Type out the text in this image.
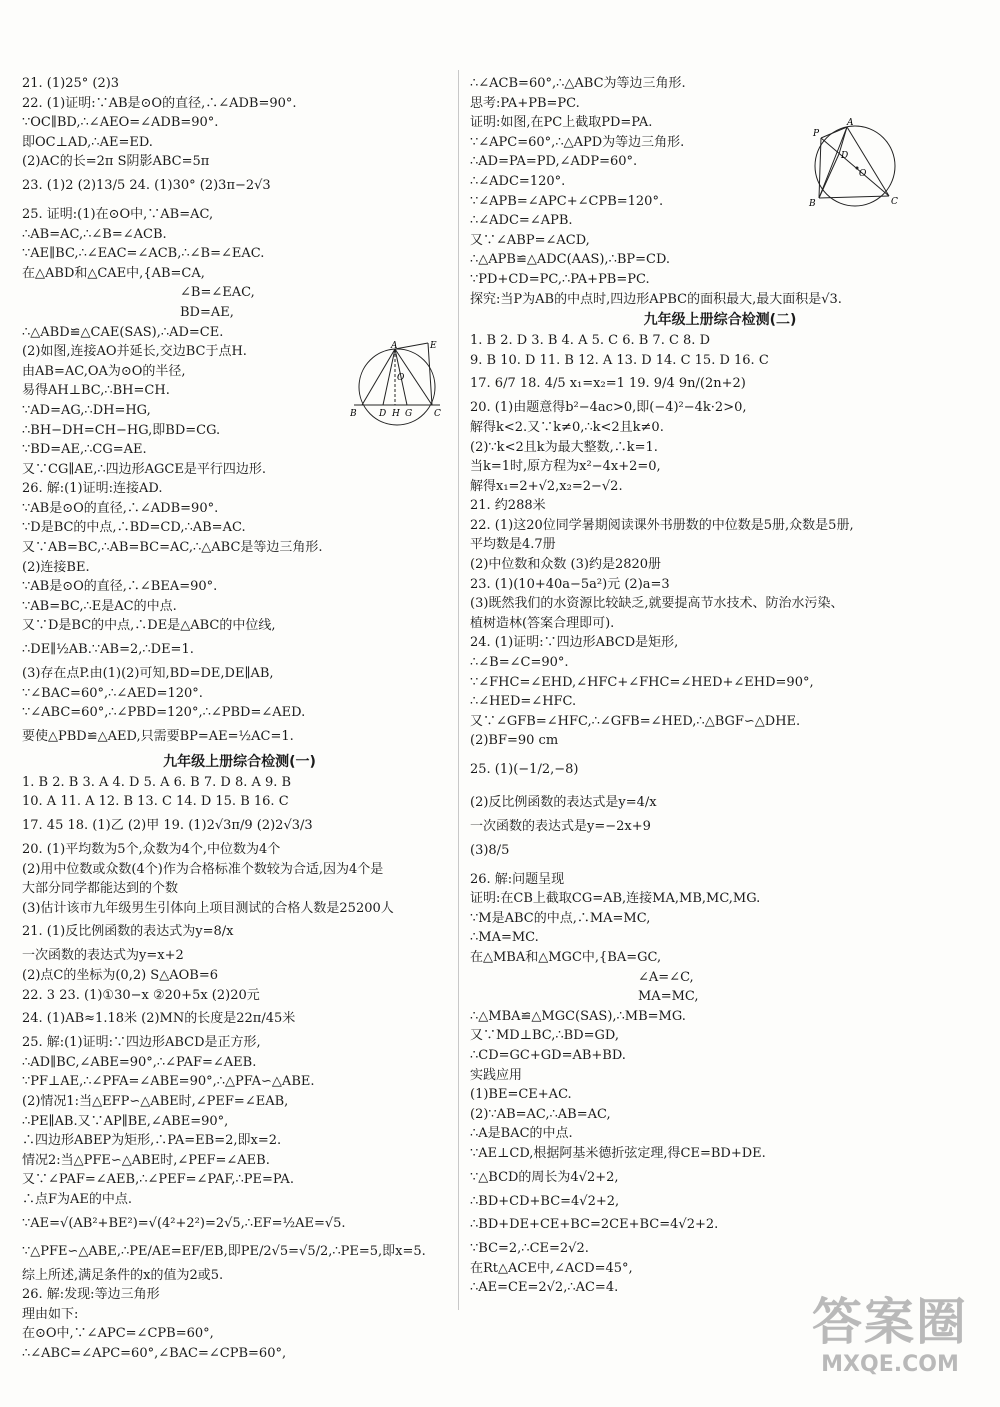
21. (1)25° (2)3
22. (1)证明:∵AB是⊙O的直径,∴∠ADB=90°.
∵OC∥BD,∴∠AEO=∠ADB=90°.
即OC⊥AD,∴AE=ED.
(2)AC的长=2π S阴影ABC=5π
23. (1)2 (2)13/5 24. (1)30° (2)3π−2√3
25. 证明:(1)在⊙O中,∵AB=AC,
∴AB=AC,∴∠B=∠ACB.
∵AE∥BC,∴∠EAC=∠ACB,∴∠B=∠EAC.
在△ABD和△CAE中,{AB=CA,
∠B=∠EAC,
BD=AE,
∴△ABD≌△CAE(SAS),∴AD=CE.
(2)如图,连接AO并延长,交边BC于点H.
由AB=AC,OA为⊙O的半径,
易得AH⊥BC,∴BH=CH.
∵AD=AG,∴DH=HG,
∴BH−DH=CH−HG,即BD=CG.
∵BD=AE,∴CG=AE.
又∵CG∥AE,∴四边形AGCE是平行四边形.
26. 解:(1)证明:连接AD.
∵AB是⊙O的直径,∴∠ADB=90°.
∵D是BC的中点,∴BD=CD,∴AB=AC.
又∵AB=BC,∴AB=BC=AC,∴△ABC是等边三角形.
(2)连接BE.
∵AB是⊙O的直径,∴∠BEA=90°.
∵AB=BC,∴E是AC的中点.
又∵D是BC的中点,∴DE是△ABC的中位线,
∴DE∥½AB.∵AB=2,∴DE=1.
(3)存在点P.由(1)(2)可知,BD=DE,DE∥AB,
∵∠BAC=60°,∴∠AED=120°.
∵∠ABC=60°,∴∠PBD=120°,∴∠PBD=∠AED.
要使△PBD≌△AED,只需要BP=AE=½AC=1.
九年级上册综合检测(一)
1. B 2. B 3. A 4. D 5. A 6. B 7. D 8. A 9. B
10. A 11. A 12. B 13. C 14. D 15. B 16. C
17. 45 18. (1)乙 (2)甲 19. (1)2√3π/9 (2)2√3/3
20. (1)平均数为5个,众数为4个,中位数为4个
(2)用中位数或众数(4个)作为合格标准个数较为合适,因为4个是
大部分同学都能达到的个数
(3)估计该市九年级男生引体向上项目测试的合格人数是25200人
21. (1)反比例函数的表达式为y=8/x
一次函数的表达式为y=x+2
(2)点C的坐标为(0,2) S△AOB=6
22. 3 23. (1)①30−x ②20+5x (2)20元
24. (1)AB≈1.18米 (2)MN的长度是22π/45米
25. 解:(1)证明:∵四边形ABCD是正方形,
∴AD∥BC,∠ABE=90°,∴∠PAF=∠AEB.
∵PF⊥AE,∴∠PFA=∠ABE=90°,∴△PFA∽△ABE.
(2)情况1:当△EFP∽△ABE时,∠PEF=∠EAB,
∴PE∥AB.又∵AP∥BE,∠ABE=90°,
∴四边形ABEP为矩形,∴PA=EB=2,即x=2.
情况2:当△PFE∽△ABE时,∠PEF=∠AEB.
又∵∠PAF=∠AEB,∴∠PEF=∠PAF,∴PE=PA.
∴点F为AE的中点.
∵AE=√(AB²+BE²)=√(4²+2²)=2√5,∴EF=½AE=√5.
∵△PFE∽△ABE,∴PE/AE=EF/EB,即PE/2√5=√5/2,∴PE=5,即x=5.
综上所述,满足条件的x的值为2或5.
26. 解:发现:等边三角形
理由如下:
在⊙O中,∵∠APC=∠CPB=60°,
∴∠ABC=∠APC=60°,∠BAC=∠CPB=60°,
A	E
O
B D H G C
∴∠ACB=60°,∴△ABC为等边三角形.
思考:PA+PB=PC.
证明:如图,在PC上截取PD=PA.
∵∠APC=60°,∴△APD为等边三角形.
∴AD=PA=PD,∠ADP=60°.
∴∠ADC=120°.
∵∠APB=∠APC+∠CPB=120°.
∴∠ADC=∠APB.
又∵∠ABP=∠ACD,
∴△APB≌△ADC(AAS),∴BP=CD.
∵PD+CD=PC,∴PA+PB=PC.
探究:当P为AB的中点时,四边形APBC的面积最大,最大面积是√3.
九年级上册综合检测(二)
1. B 2. D 3. B 4. A 5. C 6. B 7. C 8. D
9. B 10. D 11. B 12. A 13. D 14. C 15. D 16. C
17. 6/7 18. 4/5 x₁=x₂=1 19. 9/4 9n/(2n+2)
20. (1)由题意得b²−4ac>0,即(−4)²−4k·2>0,
解得k<2.又∵k≠0,∴k<2且k≠0.
(2)∵k<2且k为最大整数,∴k=1.
当k=1时,原方程为x²−4x+2=0,
解得x₁=2+√2,x₂=2−√2.
21. 约288米
22. (1)这20位同学暑期阅读课外书册数的中位数是5册,众数是5册,
平均数是4.7册
(2)中位数和众数 (3)约是2820册
23. (1)(10+40a−5a²)元 (2)a=3
(3)既然我们的水资源比较缺乏,就要提高节水技术、防治水污染、
植树造林(答案合理即可).
24. (1)证明:∵四边形ABCD是矩形,
∴∠B=∠C=90°.
∵∠FHC=∠EHD,∠HFC+∠FHC=∠HED+∠EHD=90°,
∴∠HED=∠HFC.
又∵∠GFB=∠HFC,∴∠GFB=∠HED,∴△BGF∽△DHE.
(2)BF=90 cm
25. (1)(−1/2,−8)
(2)反比例函数的表达式是y=4/x
一次函数的表达式是y=−2x+9
(3)8/5
26. 解:问题呈现
证明:在CB上截取CG=AB,连接MA,MB,MC,MG.
∵M是ABC的中点,∴MA=MC,
∴MA=MC.
在△MBA和△MGC中,{BA=GC,
∠A=∠C,
MA=MC,
∴△MBA≌△MGC(SAS),∴MB=MG.
又∵MD⊥BC,∴BD=GD,
∴CD=GC+GD=AB+BD.
实践应用
(1)BE=CE+AC.
(2)∵AB=AC,∴AB=AC,
∴A是BAC的中点.
∵AE⊥CD,根据阿基米德折弦定理,得CE=BD+DE.
∵△BCD的周长为4√2+2,
∴BD+CD+BC=4√2+2,
∴BD+DE+CE+BC=2CE+BC=4√2+2.
∵BC=2,∴CE=2√2.
在Rt△ACE中,∠ACD=45°,
∴AE=CE=2√2,∴AC=4.
P
A
D
O
B	C
答案圈
MXQE.COM
